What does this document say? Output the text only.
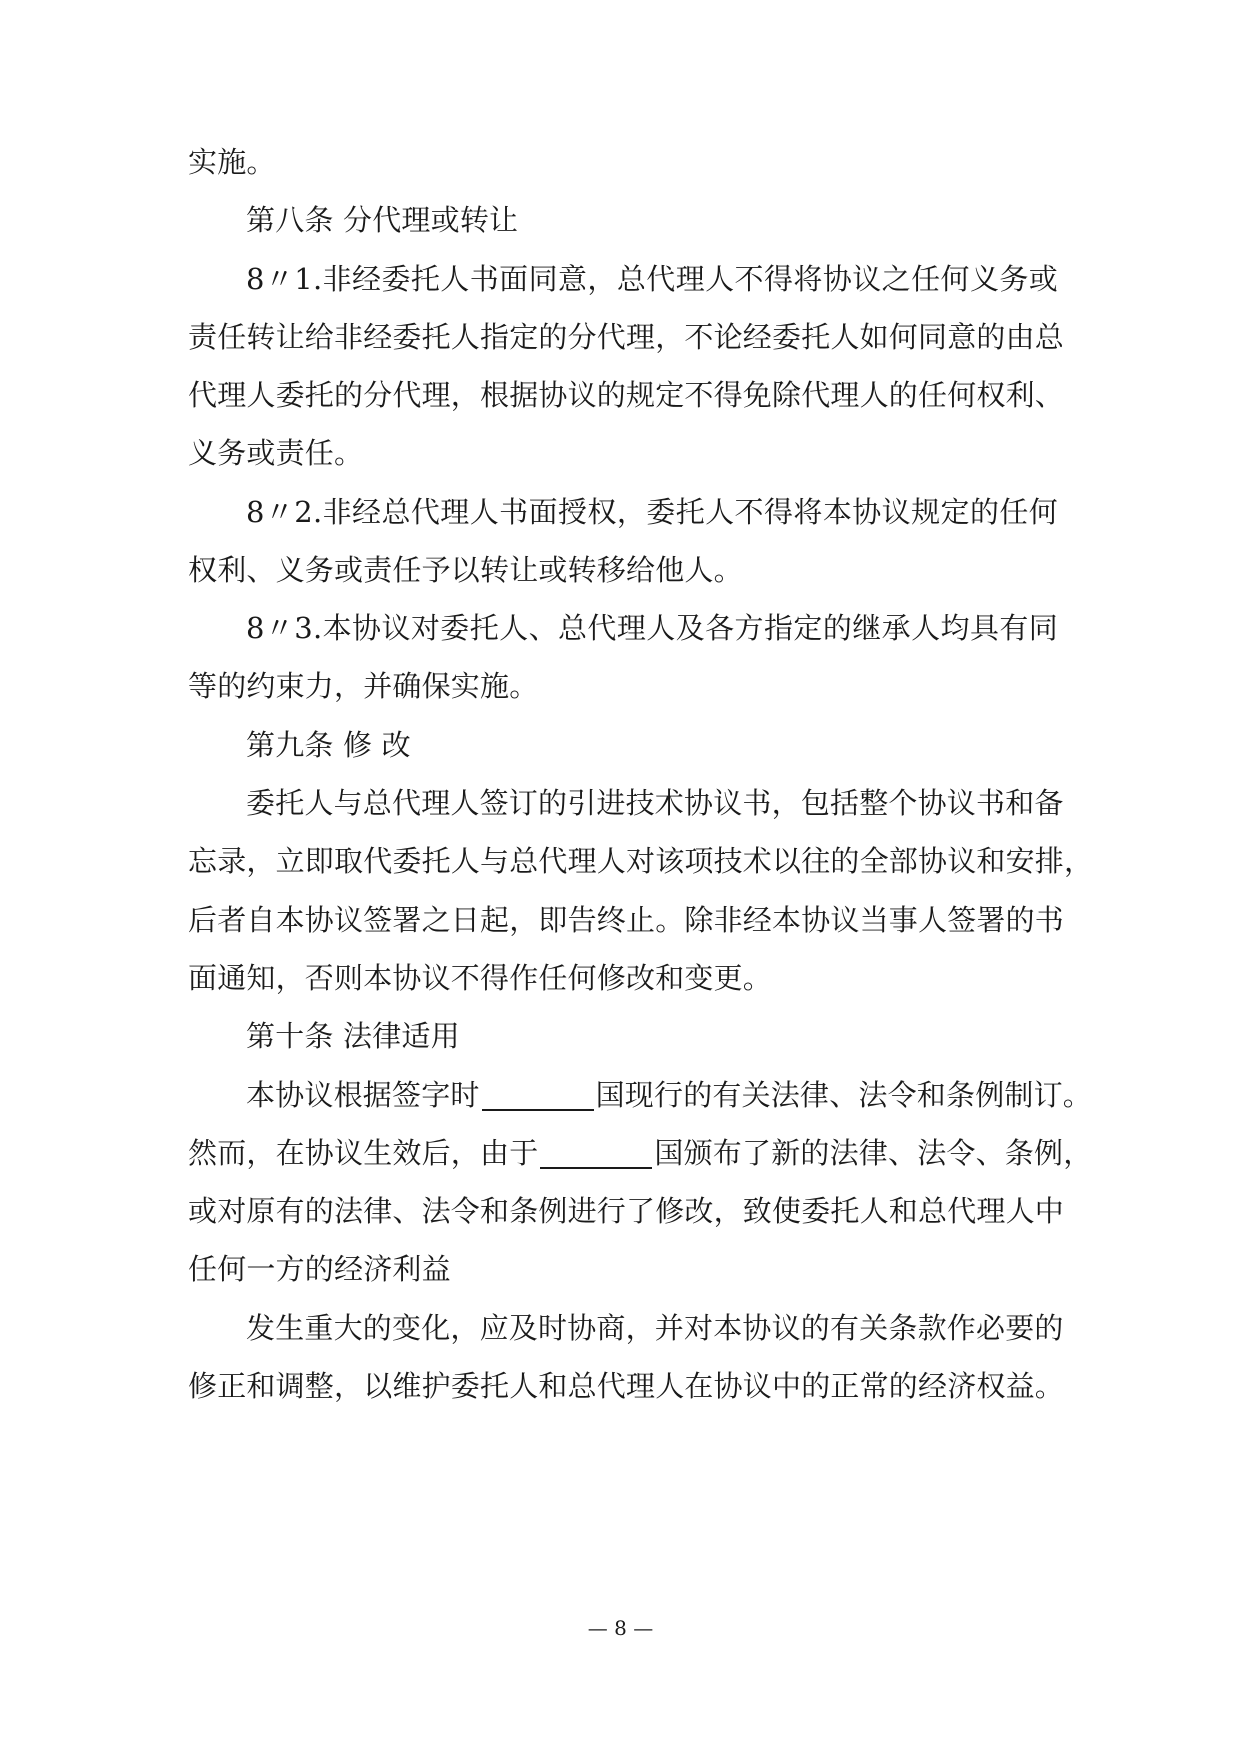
实施。
第八条 分代理或转让
8〃1.非经委托人书面同意，总代理人不得将协议之任何义务或
责任转让给非经委托人指定的分代理，不论经委托人如何同意的由总
代理人委托的分代理，根据协议的规定不得免除代理人的任何权利、
义务或责任。
8〃2.非经总代理人书面授权，委托人不得将本协议规定的任何
权利、义务或责任予以转让或转移给他人。
8〃3.本协议对委托人、总代理人及各方指定的继承人均具有同
等的约束力，并确保实施。
第九条 修 改
委托人与总代理人签订的引进技术协议书，包括整个协议书和备
忘录，立即取代委托人与总代理人对该项技术以往的全部协议和安排，
后者自本协议签署之日起，即告终止。除非经本协议当事人签署的书
面通知，否则本协议不得作任何修改和变更。
第十条 法律适用
本协议根据签字时	国现行的有关法律、法令和条例制订。
然而，在协议生效后，由于	国颁布了新的法律、法令、条例，
或对原有的法律、法令和条例进行了修改，致使委托人和总代理人中
任何一方的经济利益
发生重大的变化，应及时协商，并对本协议的有关条款作必要的
修正和调整，以维护委托人和总代理人在协议中的正常的经济权益。
— 8 —
